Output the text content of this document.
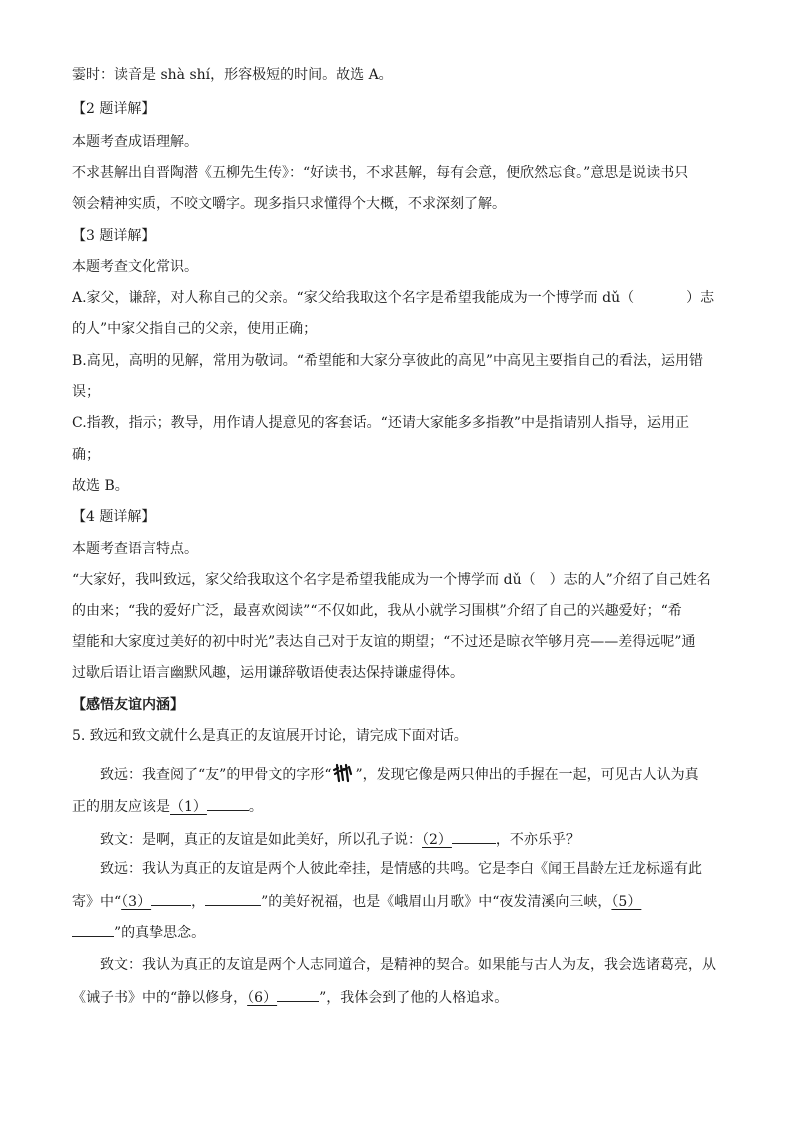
霎时：读音是 shà shí，形容极短的时间。故选 A。
【2 题详解】
本题考查成语理解。
不求甚解出自晋陶潜《五柳先生传》：“好读书，不求甚解，每有会意，便欣然忘食。”意思是说读书只
领会精神实质，不咬文嚼字。现多指只求懂得个大概，不求深刻了解。
【3 题详解】
本题考查文化常识。
A.家父，谦辞，对人称自己的父亲。“家父给我取这个名字是希望我能成为一个博学而 dǔ（	）志
的人”中家父指自己的父亲，使用正确；
B.高见，高明的见解，常用为敬词。“希望能和大家分享彼此的高见”中高见主要指自己的看法，运用错
误；
C.指教，指示；教导，用作请人提意见的客套话。“还请大家能多多指教”中是指请别人指导，运用正
确；
故选 B。
【4 题详解】
本题考查语言特点。
“大家好，我叫致远，家父给我取这个名字是希望我能成为一个博学而 dǔ（　）志的人”介绍了自己姓名
的由来；“我的爱好广泛，最喜欢阅读”“不仅如此，我从小就学习围棋”介绍了自己的兴趣爱好；“希
望能和大家度过美好的初中时光”表达自己对于友谊的期望；“不过还是晾衣竿够月亮——差得远呢”通
过歇后语让语言幽默风趣，运用谦辞敬语使表达保持谦虚得体。
【感悟友谊内涵】
5. 致远和致文就什么是真正的友谊展开讨论，请完成下面对话。
致远：我查阅了“友”的甲骨文的字形“ ”，发现它像是两只伸出的手握在一起，可见古人认为真
正的朋友应该是（1）	。
致文：是啊，真正的友谊是如此美好，所以孔子说：（2）	，不亦乐乎？
致远：我认为真正的友谊是两个人彼此牵挂，是情感的共鸣。它是李白《闻王昌龄左迁龙标遥有此
寄》中“（3）	，	”的美好祝福，也是《峨眉山月歌》中“夜发清溪向三峡，（5）
”的真挚思念。
致文：我认为真正的友谊是两个人志同道合，是精神的契合。如果能与古人为友，我会选诸葛亮，从
《诫子书》中的“静以修身，（6）	”，我体会到了他的人格追求。
